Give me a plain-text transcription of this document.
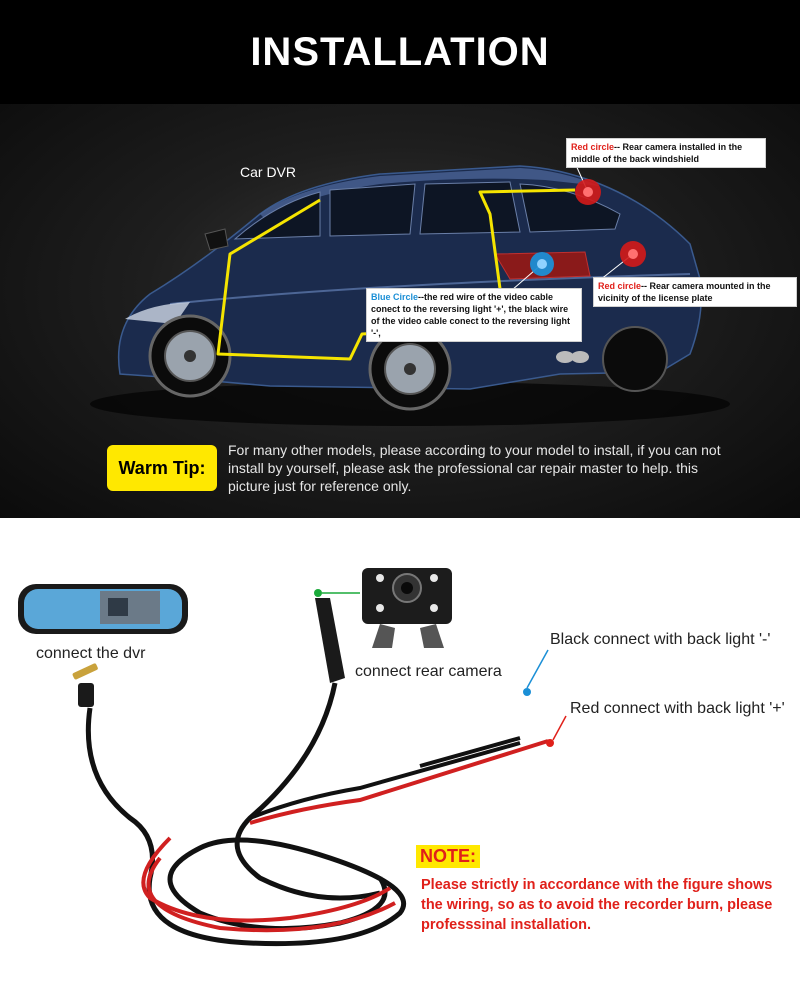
INSTALLATION
Car DVR
Red circle-- Rear camera installed in the middle of the back windshield
Red circle-- Rear camera mounted in the vicinity of the license plate
Blue Circle--the red wire of the video cable conect to the reversing light '+', the black wire of the video cable conect to the reversing light '-',
Warm Tip:
For many other models, please according to your model to install, if you can not install by yourself, please ask the professional car repair master to help. this picture just for reference only.
connect the dvr
connect rear camera
Black connect with back light '-'
Red connect with back light '+'
NOTE:
Please strictly in accordance with the figure shows the wiring, so as to avoid the recorder burn, please professsinal installation.
